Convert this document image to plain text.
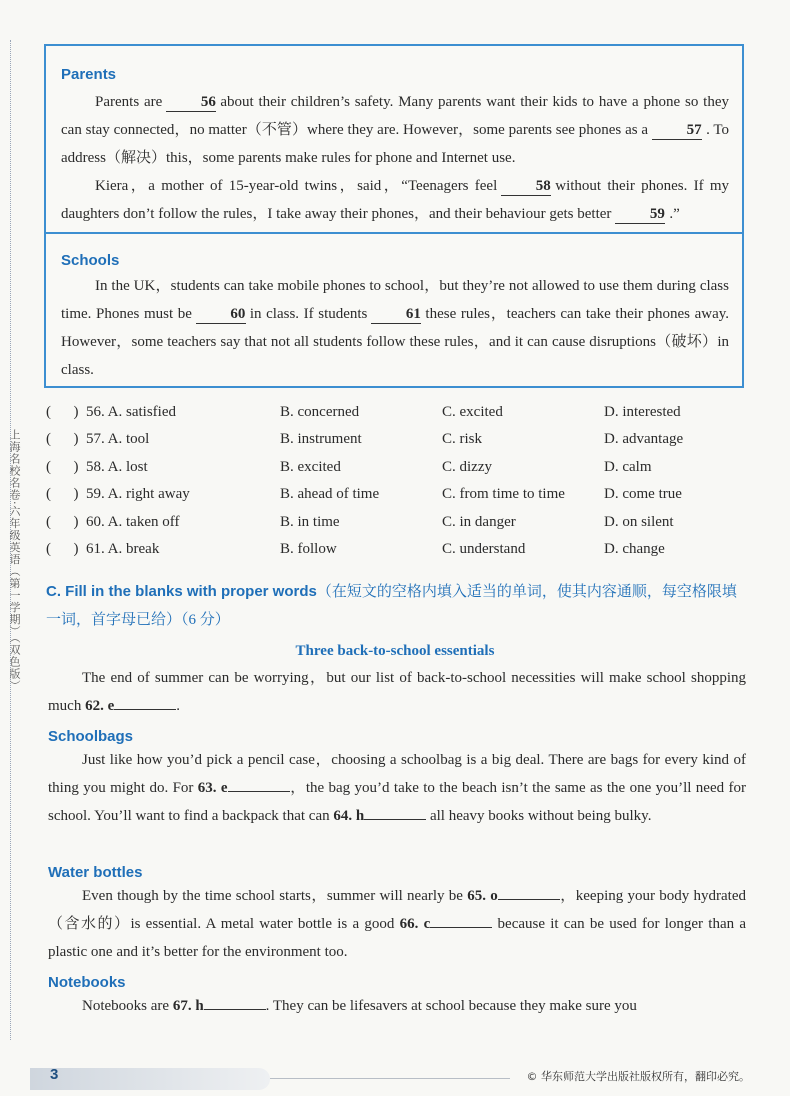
上海名校名卷·六年级英语（第一学期）（双色版）
Parents
Parents are	56 about their children’s safety. Many parents want their kids to have a phone so they can stay connected，no matter（不管）where they are. However，some parents see phones as a	57 . To address（解决）this，some parents make rules for phone and Internet use.
Kiera，a mother of 15-year-old twins，said，“Teenagers feel	58 without their phones. If my daughters don’t follow the rules，I take away their phones，and their behaviour gets better	59 .”
Schools
In the UK，students can take mobile phones to school，but they’re not allowed to use them during class time. Phones must be	60 in class. If students	61 these rules，teachers can take their phones away. However，some teachers say that not all students follow these rules，and it can cause disruptions（破坏）in class.
(      ) 56. A. satisfied	B. concerned	C. excited	D. interested
(      ) 57. A. tool	B. instrument	C. risk	D. advantage
(      ) 58. A. lost	B. excited	C. dizzy	D. calm
(      ) 59. A. right away	B. ahead of time	C. from time to time	D. come true
(      ) 60. A. taken off	B. in time	C. in danger	D. on silent
(      ) 61. A. break	B. follow	C. understand	D. change
C. Fill in the blanks with proper words（在短文的空格内填入适当的单词，使其内容通顺，每空格限填一词，首字母已给）（6 分）
Three back-to-school essentials
The end of summer can be worrying，but our list of back-to-school necessities will make school shopping much 62. e	.
Schoolbags
Just like how you’d pick a pencil case，choosing a schoolbag is a big deal. There are bags for every kind of thing you might do. For 63. e	，the bag you’d take to the beach isn’t the same as the one you’ll need for school. You’ll want to find a backpack that can 64. h	all heavy books without being bulky.
Water bottles
Even though by the time school starts，summer will nearly be 65. o	，keeping your body hydrated（含水的）is essential. A metal water bottle is a good 66. c	because it can be used for longer than a plastic one and it’s better for the environment too.
Notebooks
Notebooks are 67. h	. They can be lifesavers at school because they make sure you
3	© 华东师范大学出版社版权所有，翻印必究。
